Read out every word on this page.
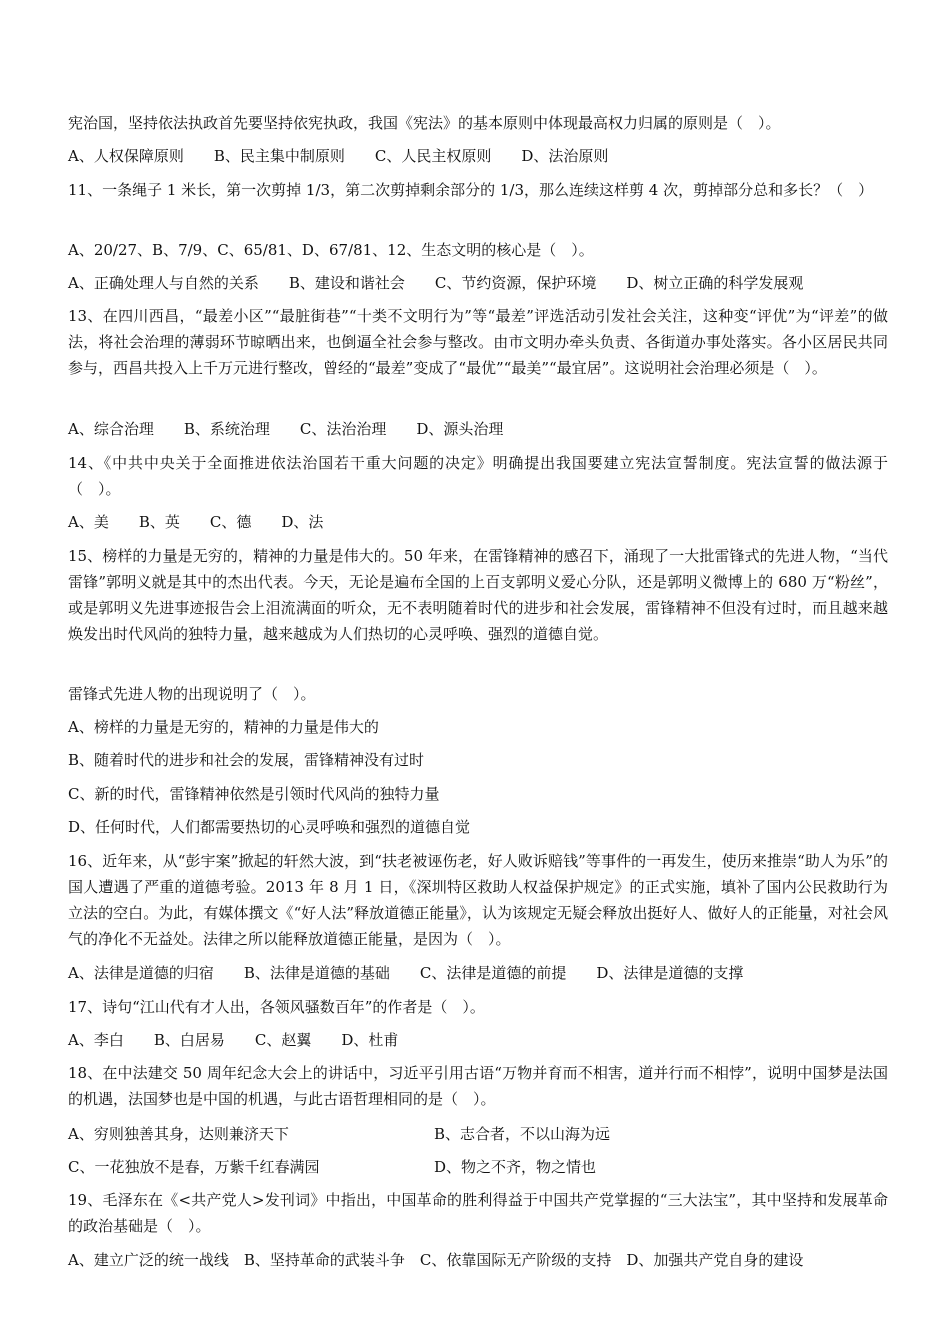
宪治国，坚持依法执政首先要坚持依宪执政，我国《宪法》的基本原则中体现最高权力归属的原则是（　）。
A、人权保障原则　　B、民主集中制原则　　C、人民主权原则　　D、法治原则
11、一条绳子 1 米长，第一次剪掉 1/3，第二次剪掉剩余部分的 1/3，那么连续这样剪 4 次，剪掉部分总和多长？（　）
A、20/27、B、7/9、C、65/81、D、67/81、12、生态文明的核心是（　）。
A、正确处理人与自然的关系　　B、建设和谐社会　　C、节约资源，保护环境　　D、树立正确的科学发展观
13、在四川西昌，“最差小区”“最脏街巷”“十类不文明行为”等“最差”评选活动引发社会关注，这种变“评优”为“评差”的做法，将社会治理的薄弱环节晾晒出来，也倒逼全社会参与整改。由市文明办牵头负责、各街道办事处落实。各小区居民共同参与，西昌共投入上千万元进行整改，曾经的“最差”变成了“最优”“最美”“最宜居”。这说明社会治理必须是（　）。
A、综合治理　　B、系统治理　　C、法治治理　　D、源头治理
14、《中共中央关于全面推进依法治国若干重大问题的决定》明确提出我国要建立宪法宣誓制度。宪法宣誓的做法源于（　）。
A、美　　B、英　　C、德　　D、法
15、榜样的力量是无穷的，精神的力量是伟大的。50 年来，在雷锋精神的感召下，涌现了一大批雷锋式的先进人物，“当代雷锋”郭明义就是其中的杰出代表。今天，无论是遍布全国的上百支郭明义爱心分队，还是郭明义微博上的 680 万“粉丝”，或是郭明义先进事迹报告会上泪流满面的听众，无不表明随着时代的进步和社会发展，雷锋精神不但没有过时，而且越来越焕发出时代风尚的独特力量，越来越成为人们热切的心灵呼唤、强烈的道德自觉。
雷锋式先进人物的出现说明了（　）。
A、榜样的力量是无穷的，精神的力量是伟大的
B、随着时代的进步和社会的发展，雷锋精神没有过时
C、新的时代，雷锋精神依然是引领时代风尚的独特力量
D、任何时代，人们都需要热切的心灵呼唤和强烈的道德自觉
16、近年来，从“彭宇案”掀起的轩然大波，到“扶老被诬伤老，好人败诉赔钱”等事件的一再发生，使历来推崇“助人为乐”的国人遭遇了严重的道德考验。2013 年 8 月 1 日，《深圳特区救助人权益保护规定》的正式实施，填补了国内公民救助行为立法的空白。为此，有媒体撰文《“好人法”释放道德正能量》，认为该规定无疑会释放出挺好人、做好人的正能量，对社会风气的净化不无益处。法律之所以能释放道德正能量，是因为（　）。
A、法律是道德的归宿　　B、法律是道德的基础　　C、法律是道德的前提　　D、法律是道德的支撑
17、诗句“江山代有才人出，各领风骚数百年”的作者是（　）。
A、李白　　B、白居易　　C、赵翼　　D、杜甫
18、在中法建交 50 周年纪念大会上的讲话中，习近平引用古语“万物并育而不相害，道并行而不相悖”，说明中国梦是法国的机遇，法国梦也是中国的机遇，与此古语哲理相同的是（　）。
A、穷则独善其身，达则兼济天下	B、志合者，不以山海为远
C、一花独放不是春，万紫千红春满园	D、物之不齐，物之情也
19、毛泽东在《<共产党人>发刊词》中指出，中国革命的胜利得益于中国共产党掌握的“三大法宝”，其中坚持和发展革命的政治基础是（　）。
A、建立广泛的统一战线　B、坚持革命的武装斗争　C、依靠国际无产阶级的支持　D、加强共产党自身的建设
